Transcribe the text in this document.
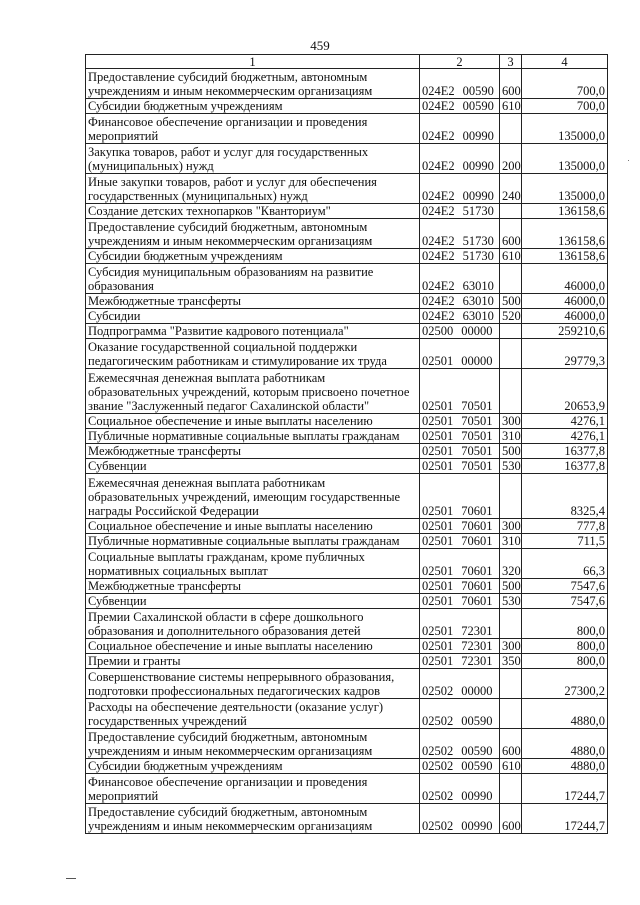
459
1	2	3	4
Предоставление субсидий бюджетным, автономным учреждениям и иным некоммерческим организациям	024E2 00590	600	700,0
Субсидии бюджетным учреждениям	024E2 00590	610	700,0
Финансовое обеспечение организации и проведения мероприятий	024E2 00990		135000,0
Закупка товаров, работ и услуг для государственных (муниципальных) нужд	024E2 00990	200	135000,0
Иные закупки товаров, работ и услуг для обеспечения государственных (муниципальных) нужд	024E2 00990	240	135000,0
Создание детских технопарков "Кванториум"	024E2 51730		136158,6
Предоставление субсидий бюджетным, автономным учреждениям и иным некоммерческим организациям	024E2 51730	600	136158,6
Субсидии бюджетным учреждениям	024E2 51730	610	136158,6
Субсидия муниципальным образованиям на развитие образования	024E2 63010		46000,0
Межбюджетные трансферты	024E2 63010	500	46000,0
Субсидии	024E2 63010	520	46000,0
Подпрограмма "Развитие кадрового потенциала"	02500 00000		259210,6
Оказание государственной социальной поддержки педагогическим работникам и стимулирование их труда	02501 00000		29779,3
Ежемесячная денежная выплата работникам образовательных учреждений, которым присвоено почетное звание "Заслуженный педагог Сахалинской области"	02501 70501		20653,9
Социальное обеспечение и иные выплаты населению	02501 70501	300	4276,1
Публичные нормативные социальные выплаты гражданам	02501 70501	310	4276,1
Межбюджетные трансферты	02501 70501	500	16377,8
Субвенции	02501 70501	530	16377,8
Ежемесячная денежная выплата работникам образовательных учреждений, имеющим государственные награды Российской Федерации	02501 70601		8325,4
Социальное обеспечение и иные выплаты населению	02501 70601	300	777,8
Публичные нормативные социальные выплаты гражданам	02501 70601	310	711,5
Социальные выплаты гражданам, кроме публичных нормативных социальных выплат	02501 70601	320	66,3
Межбюджетные трансферты	02501 70601	500	7547,6
Субвенции	02501 70601	530	7547,6
Премии Сахалинской области в сфере дошкольного образования и дополнительного образования детей	02501 72301		800,0
Социальное обеспечение и иные выплаты населению	02501 72301	300	800,0
Премии и гранты	02501 72301	350	800,0
Совершенствование системы непрерывного образования, подготовки профессиональных педагогических кадров	02502 00000		27300,2
Расходы на обеспечение деятельности (оказание услуг) государственных учреждений	02502 00590		4880,0
Предоставление субсидий бюджетным, автономным учреждениям и иным некоммерческим организациям	02502 00590	600	4880,0
Субсидии бюджетным учреждениям	02502 00590	610	4880,0
Финансовое обеспечение организации и проведения мероприятий	02502 00990		17244,7
Предоставление субсидий бюджетным, автономным учреждениям и иным некоммерческим организациям	02502 00990	600	17244,7
